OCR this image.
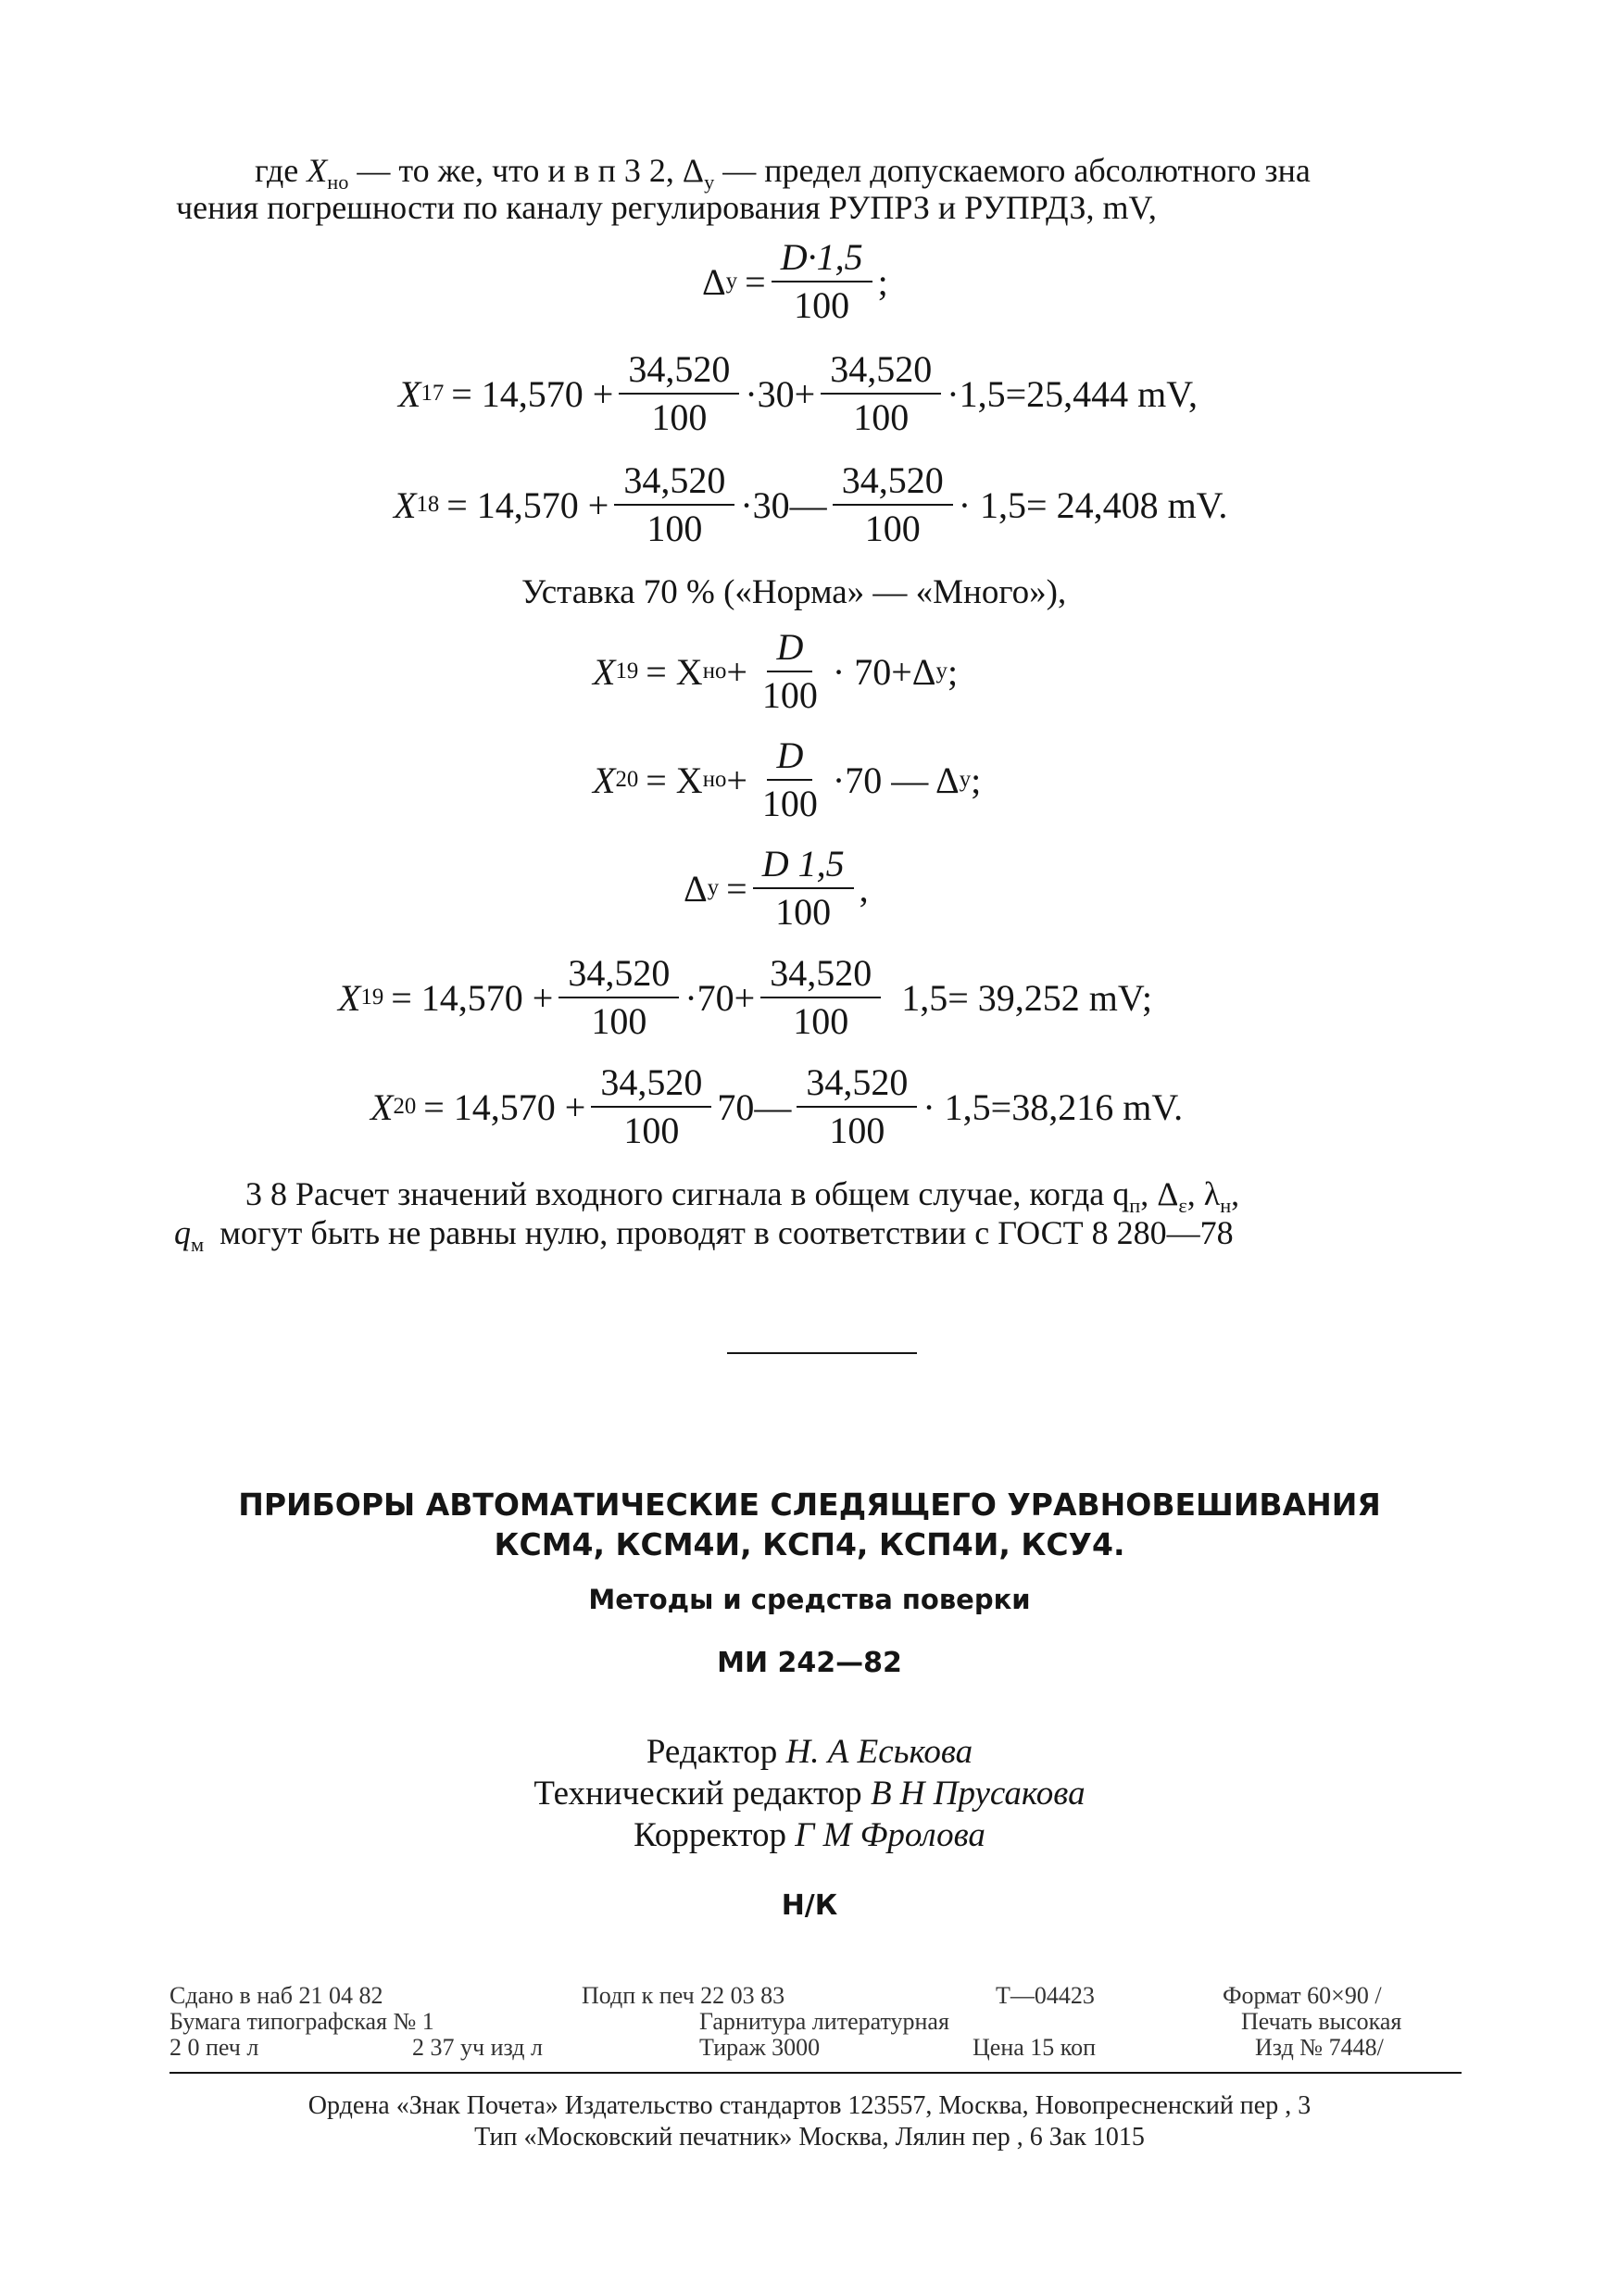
где $X_{но}$ — то же, что и в п 3 2, $\Delta_у$ — предел допускаемого абсолютного зна
чения погрешности по каналу регулирования РУПРЗ и РУПРДЗ, mV,
Δ $у = \frac{D\cdot 1,5}{100}$ ;
X $17 = 14,570 + \frac{34,520}{100} \cdot 30+ \frac{34,520}{100} \cdot 1,5=25,444$ mV,
X $18 = 14,570 + \frac{34,520}{100}$ ·30— $\frac{34,520}{100} \cdot 1,5= 24,408$ mV.
Уставка 70 % («Норма» — «Много»),
X 19 = X но + $\frac{D}{100} \cdot 70+\Delta$ у ;
X 20 = X но + $\frac{D}{100} \cdot 70$ — Δ у ;
Δ $у = \frac{D 1,5}{100}$ ,
X $19 = 14,570 + \frac{34,520}{100} \cdot 70+ \frac{34,520}{100} 1,5= 39,252$ mV;
X $20 = 14,570 + \frac{34,520}{100}$ 70— $\frac{34,520}{100} \cdot 1,5=38,216$ mV.
3 8 Расчет значений входного сигнала в общем случае, когда $q_п$, $\Delta_\varepsilon$, $\lambda_н$,
$q_м$ могут быть не равны нулю, проводят в соответствии с ГОСТ 8 280—78
ПРИБОРЫ АВТОМАТИЧЕСКИЕ СЛЕДЯЩЕГО УРАВНОВЕШИВАНИЯ
КСМ4, КСМ4И, КСП4, КСП4И, КСУ4.
Методы и средства поверки
МИ 242—82
Редактор Н. А Еськова
Технический редактор В Н Прусакова
Корректор Г М Фролова
Н/К
Сдано в наб 21 04 82	Подп к печ 22 03 83	Т—04423	Формат 60×90 /
Бумага типографская № 1	Гарнитура литературная	Печать высокая
2 0 печ л	2 37 уч изд л	Тираж 3000	Цена 15 коп	Изд № 7448/
Ордена «Знак Почета» Издательство стандартов 123557, Москва, Новопресненский пер , 3
Тип «Московский печатник» Москва, Лялин пер , 6 Зак 1015
